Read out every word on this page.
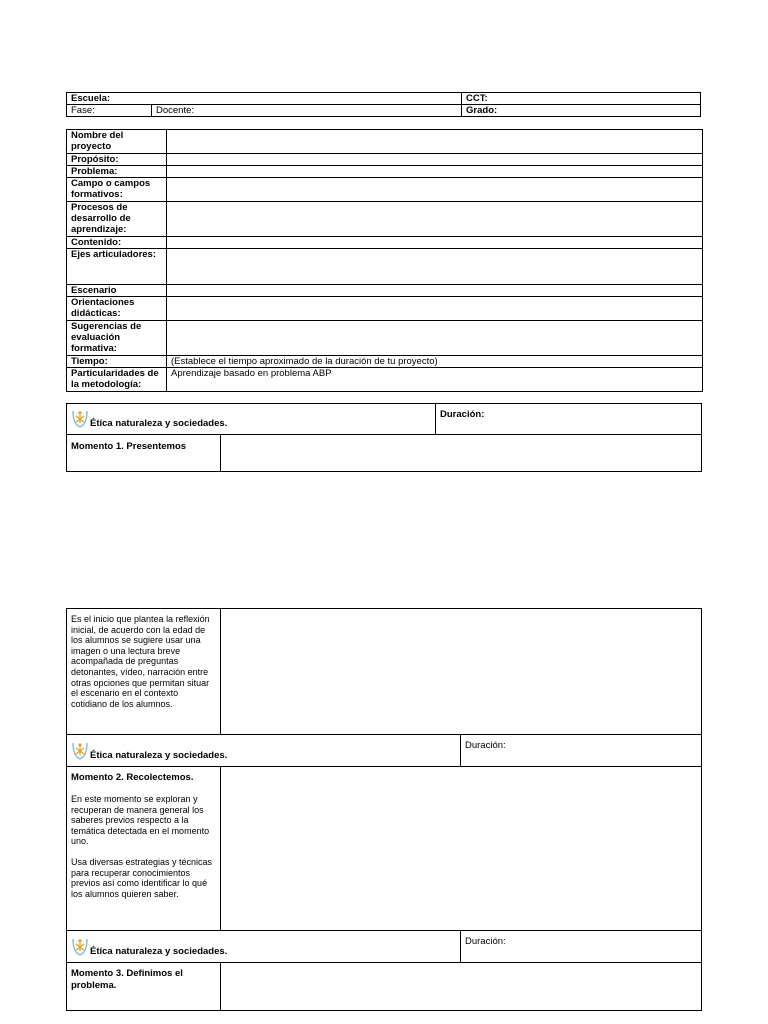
Escuela:		CCT:
Fase:	Docente:	Grado:
Nombre del proyecto	
Propósito:	
Problema:	
Campo o campos formativos:	
Procesos de desarrollo de aprendizaje:	
Contenido:	
Ejes articuladores:	
Escenario	
Orientaciones didácticas:	
Sugerencias de evaluación formativa:	
Tiempo:	(Establece el tiempo aproximado de la duración de tu proyecto)
Particularidades de la metodología:	Aprendizaje basado en problema ABP
Ética naturaleza y sociedades.		Duración:
Momento 1. Presentemos		

Es el inicio que plantea la reflexión inicial, de acuerdo con la edad de los alumnos se sugiere usar una imagen o una lectura breve acompañada de preguntas detonantes, vídeo, narración entre otras opciones que permitan situar el escenario en el contexto cotidiano de los alumnos.		

Ética naturaleza y sociedades.		Duración:

Momento 2. Recolectemos.

En este momento se exploran y recuperan de manera general los saberes previos respecto a la temática detectada en el momento uno.

Usa diversas estrategias y técnicas para recuperar conocimientos previos así como identificar lo qué los alumnos quieren saber.		

Ética naturaleza y sociedades.		Duración:

Momento 3. Definimos el problema.		
